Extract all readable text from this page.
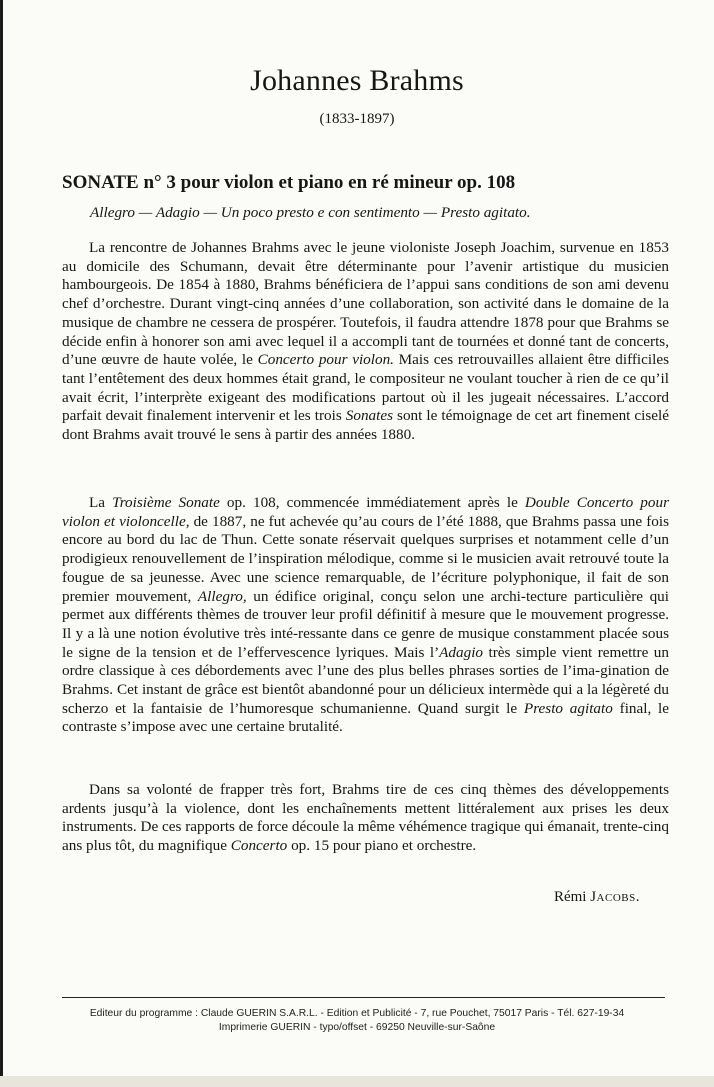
Johannes Brahms
(1833-1897)
SONATE n° 3 pour violon et piano en ré mineur op. 108
Allegro — Adagio — Un poco presto e con sentimento — Presto agitato.

La rencontre de Johannes Brahms avec le jeune violoniste Joseph Joachim, survenue en 1853 au domicile des Schumann, devait être déterminante pour l’avenir artistique du musicien hambourgeois. De 1854 à 1880, Brahms bénéficiera de l’appui sans conditions de son ami devenu chef d’orchestre. Durant vingt-cinq années d’une collaboration, son activité dans le domaine de la musique de chambre ne cessera de prospérer. Toutefois, il faudra attendre 1878 pour que Brahms se décide enfin à honorer son ami avec lequel il a accompli tant de tournées et donné tant de concerts, d’une œuvre de haute volée, le Concerto pour violon. Mais ces retrouvailles allaient être difficiles tant l’entêtement des deux hommes était grand, le compositeur ne voulant toucher à rien de ce qu’il avait écrit, l’interprète exigeant des modifications partout où il les jugeait nécessaires. L’accord parfait devait finalement intervenir et les trois Sonates sont le témoignage de cet art finement ciselé dont Brahms avait trouvé le sens à partir des années 1880.

La Troisième Sonate op. 108, commencée immédiatement après le Double Concerto pour violon et violoncelle, de 1887, ne fut achevée qu’au cours de l’été 1888, que Brahms passa une fois encore au bord du lac de Thun. Cette sonate réservait quelques surprises et notamment celle d’un prodigieux renouvellement de l’inspiration mélodique, comme si le musicien avait retrouvé toute la fougue de sa jeunesse. Avec une science remarquable, de l’écriture polyphonique, il fait de son premier mouvement, Allegro, un édifice original, conçu selon une archi-tecture particulière qui permet aux différents thèmes de trouver leur profil définitif à mesure que le mouvement progresse. Il y a là une notion évolutive très inté-ressante dans ce genre de musique constamment placée sous le signe de la tension et de l’effervescence lyriques. Mais l’Adagio très simple vient remettre un ordre classique à ces débordements avec l’une des plus belles phrases sorties de l’ima-gination de Brahms. Cet instant de grâce est bientôt abandonné pour un délicieux intermède qui a la légèreté du scherzo et la fantaisie de l’humoresque schumanienne. Quand surgit le Presto agitato final, le contraste s’impose avec une certaine brutalité.

Dans sa volonté de frapper très fort, Brahms tire de ces cinq thèmes des développements ardents jusqu’à la violence, dont les enchaînements mettent littéralement aux prises les deux instruments. De ces rapports de force découle la même véhémence tragique qui émanait, trente-cinq ans plus tôt, du magnifique Concerto op. 15 pour piano et orchestre.

Rémi Jacobs.
Editeur du programme : Claude GUERIN S.A.R.L. - Edition et Publicité - 7, rue Pouchet, 75017 Paris - Tél. 627-19-34
Imprimerie GUERIN - typo/offset - 69250 Neuville-sur-Saône
